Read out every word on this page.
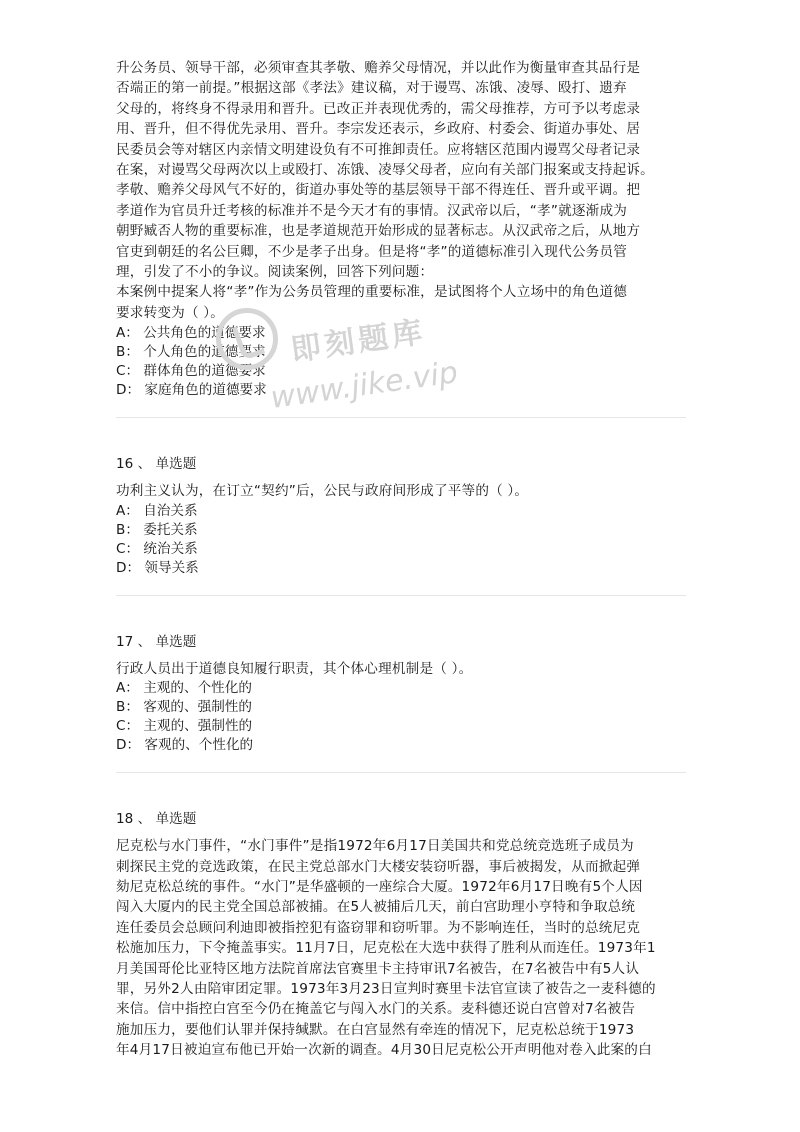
升公务员、领导干部，必须审查其孝敬、赡养父母情况，并以此作为衡量审查其品行是

否端正的第一前提。”根据这部《孝法》建议稿，对于谩骂、冻饿、凌辱、殴打、遗弃

父母的，将终身不得录用和晋升。已改正并表现优秀的，需父母推荐，方可予以考虑录

用、晋升，但不得优先录用、晋升。李宗发还表示，乡政府、村委会、街道办事处、居

民委员会等对辖区内亲情文明建设负有不可推卸责任。应将辖区范围内谩骂父母者记录

在案，对谩骂父母两次以上或殴打、冻饿、凌辱父母者，应向有关部门报案或支持起诉。

孝敬、赡养父母风气不好的，街道办事处等的基层领导干部不得连任、晋升或平调。把

孝道作为官员升迁考核的标准并不是今天才有的事情。汉武帝以后，“孝”就逐渐成为

朝野臧否人物的重要标准，也是孝道规范开始形成的显著标志。从汉武帝之后，从地方

官吏到朝廷的名公巨卿，不少是孝子出身。但是将“孝”的道德标准引入现代公务员管

理，引发了不小的争议。阅读案例，回答下列问题：

本案例中提案人将“孝”作为公务员管理的重要标准，是试图将个人立场中的角色道德

要求转变为（ ）。

A： 公共角色的道德要求

B： 个人角色的道德要求

C： 群体角色的道德要求

D： 家庭角色的道德要求

16 、 单选题

功利主义认为，在订立“契约”后，公民与政府间形成了平等的（ ）。

A： 自治关系

B： 委托关系

C： 统治关系

D： 领导关系

17 、 单选题

行政人员出于道德良知履行职责，其个体心理机制是（ ）。

A： 主观的、个性化的

B： 客观的、强制性的

C： 主观的、强制性的

D： 客观的、个性化的

18 、 单选题

尼克松与水门事件，“水门事件”是指1972年6月17日美国共和党总统竞选班子成员为

刺探民主党的竞选政策，在民主党总部水门大楼安装窃听器，事后被揭发，从而掀起弹

劾尼克松总统的事件。“水门”是华盛顿的一座综合大厦。1972年6月17日晚有5个人因

闯入大厦内的民主党全国总部被捕。在5人被捕后几天，前白宫助理小亨特和争取总统

连任委员会总顾问利迪即被指控犯有盗窃罪和窃听罪。为不影响连任，当时的总统尼克

松施加压力，下令掩盖事实。11月7日，尼克松在大选中获得了胜利从而连任。1973年1

月美国哥伦比亚特区地方法院首席法官赛里卡主持审讯7名被告，在7名被告中有5人认

罪，另外2人由陪审团定罪。1973年3月23日宣判时赛里卡法官宣读了被告之一麦科德的

来信。信中指控白宫至今仍在掩盖它与闯入水门的关系。麦科德还说白宫曾对7名被告

施加压力，要他们认罪并保持缄默。在白宫显然有牵连的情况下，尼克松总统于1973

年4月17日被迫宣布他已开始一次新的调查。4月30日尼克松公开声明他对卷入此案的白

即刻题库
www.jike.vip
